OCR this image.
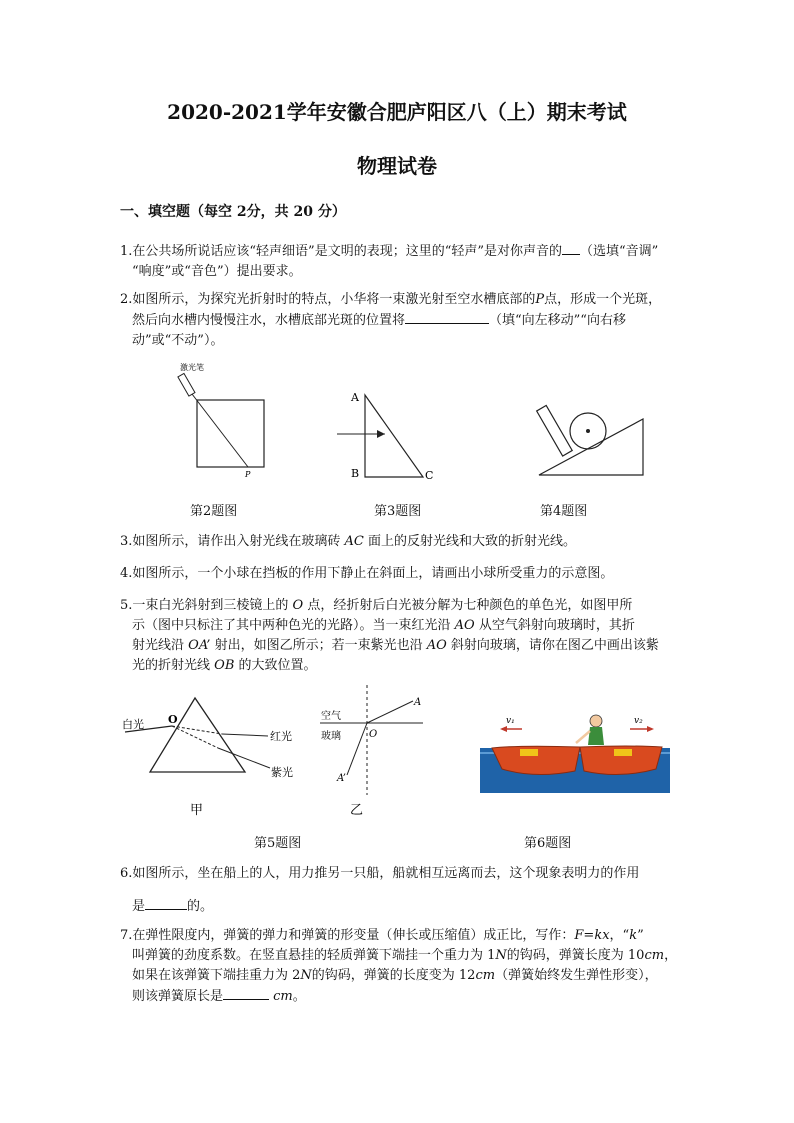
2020-2021学年安徽合肥庐阳区八（上）期末考试
物理试卷
一、填空题（每空 2分，共 20 分）
1.在公共场所说话应该“轻声细语”是文明的表现；这里的“轻声”是对你声音的 （选填“音调”
“响度”或“音色”）提出要求。
2.如图所示，为探究光折射时的特点，小华将一束激光射至空水槽底部的P点，形成一个光斑，
然后向水槽内慢慢注水，水槽底部光斑的位置将	（填“向左移动”“向右移
动”或“不动”）。
激光笔
P
第2题图
A
B	C
第3题图	第4题图
3.如图所示，请作出入射光线在玻璃砖 AC 面上的反射光线和大致的折射光线。
4.如图所示，一个小球在挡板的作用下静止在斜面上，请画出小球所受重力的示意图。
5.一束白光斜射到三棱镜上的 O 点，经折射后白光被分解为七种颜色的单色光，如图甲所
示（图中只标注了其中两种色光的光路）。当一束红光沿 AO 从空气斜射向玻璃时，其折
射光线沿 OA’ 射出，如图乙所示；若一束紫光也沿 AO 斜射向玻璃，请你在图乙中画出该紫
光的折射光线 OB 的大致位置。
白光 O
红光
紫光
甲
空气
玻璃
A
O
A’
乙
第5题图
v₁	v₂
第6题图
6.如图所示，坐在船上的人，用力推另一只船，船就相互远离而去，这个现象表明力的作用
是	的。
7.在弹性限度内，弹簧的弹力和弹簧的形变量（伸长或压缩值）成正比，写作：F=kx，“k”
叫弹簧的劲度系数。在竖直悬挂的轻质弹簧下端挂一个重力为 1N的钩码，弹簧长度为 10cm，
如果在该弹簧下端挂重力为 2N的钩码，弹簧的长度变为 12cm（弹簧始终发生弹性形变），
则该弹簧原长是	cm。
